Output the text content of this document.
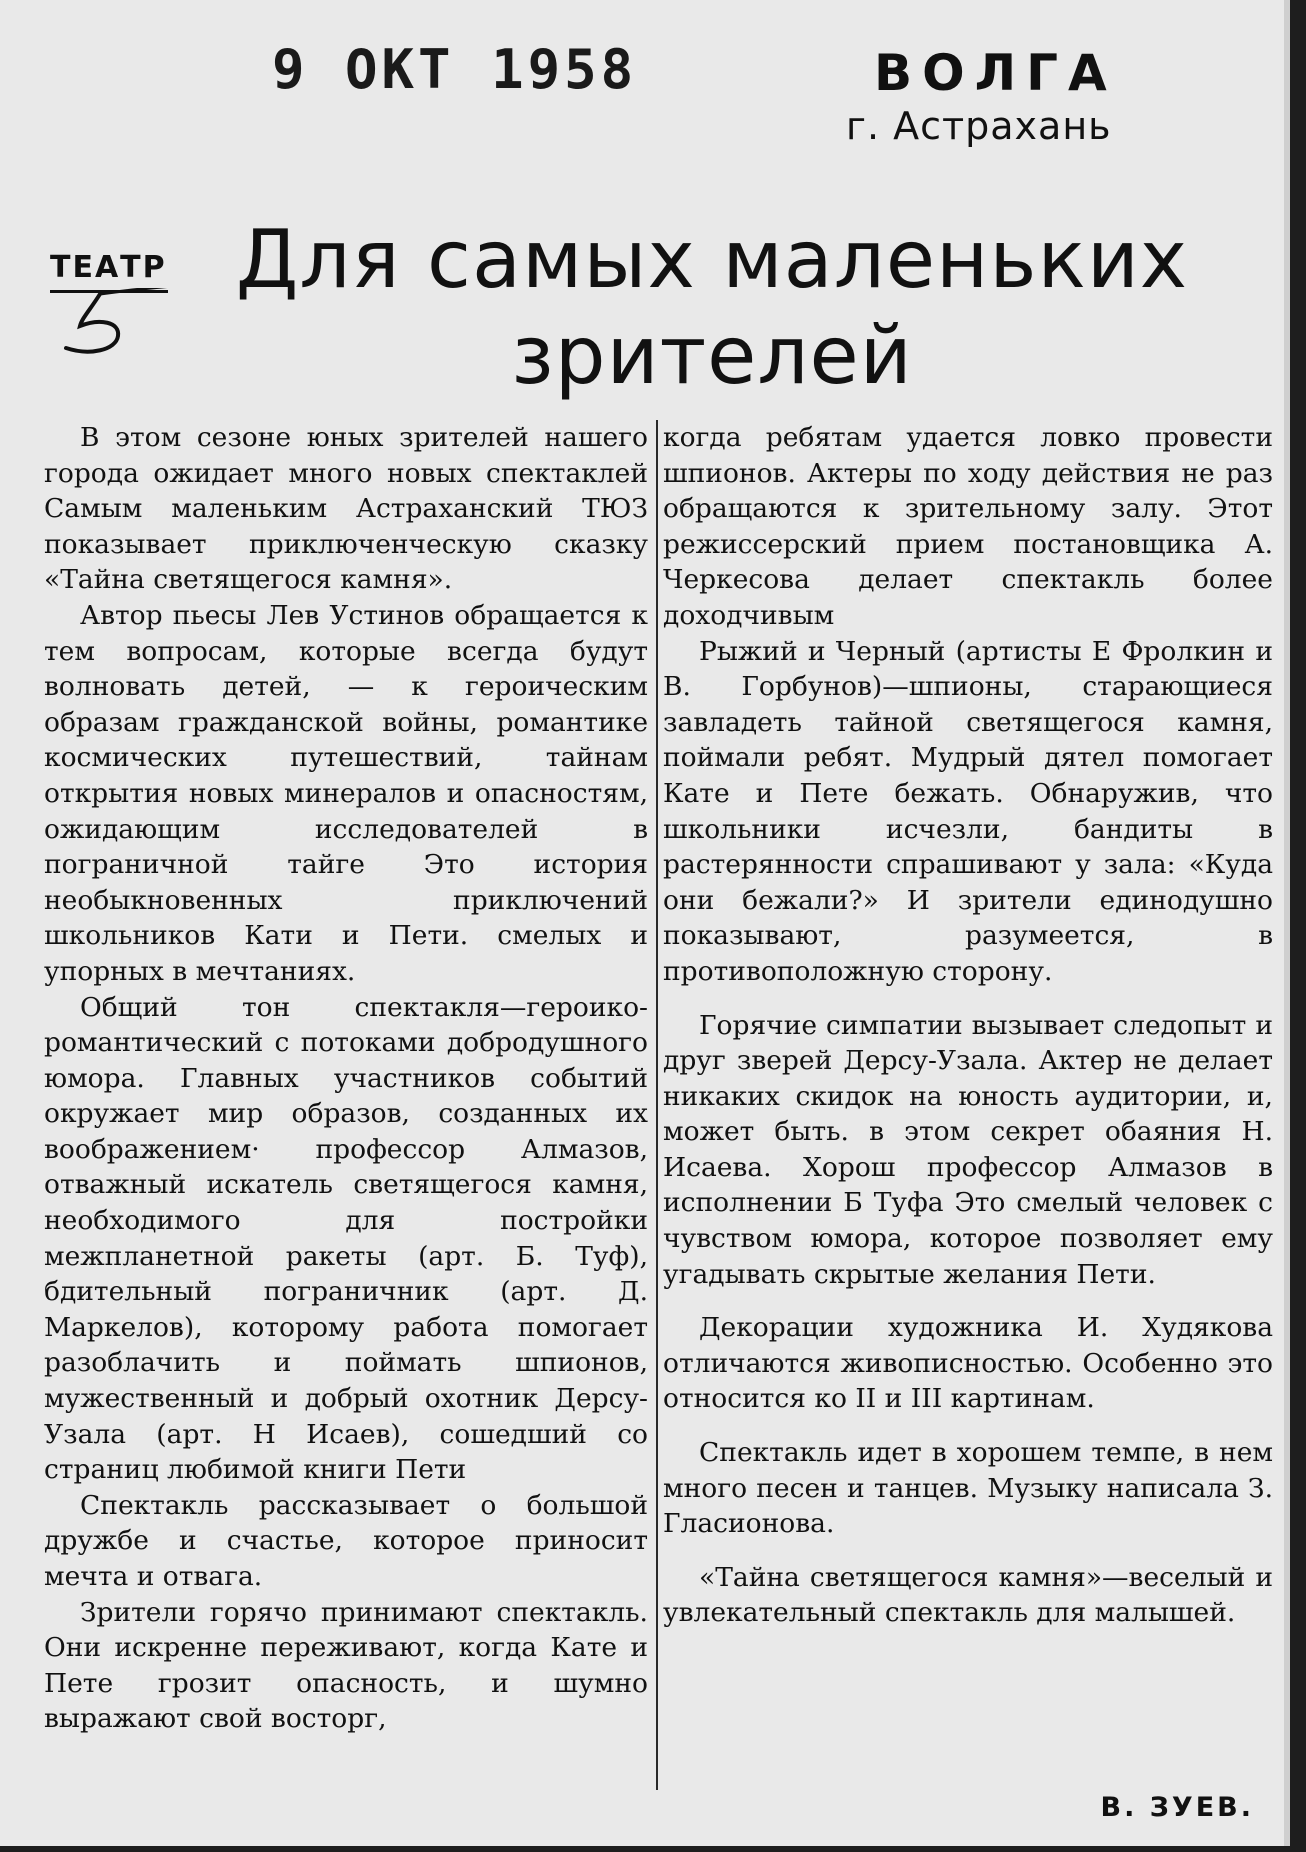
9 ОКТ 1958	ВОЛГА
г. Астрахань
ТЕАТР Для самых маленьких зрителей

В этом сезоне юных зрителей нашего города ожидает много новых спектаклей Самым маленьким Астраханский ТЮЗ показывает приключенческую сказку «Тайна светящегося камня».

Автор пьесы Лев Устинов обращается к тем вопросам, которые всегда будут волновать детей, — к героическим образам гражданской войны, романтике космических путешествий, тайнам открытия новых минералов и опасностям, ожидающим исследователей в пограничной тайге Это история необыкновенных приключений школьников Кати и Пети. смелых и упорных в мечтаниях.

Общий тон спектакля—героико-романтический с потоками добродушного юмора. Главных участников событий окружает мир образов, созданных их воображением· профессор Алмазов, отважный искатель светящегося камня, необходимого для постройки межпланетной ракеты (арт. Б. Туф), бдительный пограничник (арт. Д. Маркелов), которому работа помогает разоблачить и поймать шпионов, мужественный и добрый охотник Дерсу-Узала (арт. Н Исаев), сошедший со страниц любимой книги Пети

Спектакль рассказывает о большой дружбе и счастье, которое приносит мечта и отвага.

Зрители горячо принимают спектакль. Они искренне переживают, когда Кате и Пете грозит опасность, и шумно выражают свой восторг,

когда ребятам удается ловко провести шпионов. Актеры по ходу действия не раз обращаются к зрительному залу. Этот режиссерский прием постановщика А. Черкесова делает спектакль более доходчивым

Рыжий и Черный (артисты Е Фролкин и В. Горбунов)—шпионы, старающиеся завладеть тайной светящегося камня, поймали ребят. Мудрый дятел помогает Кате и Пете бежать. Обнаружив, что школьники исчезли, бандиты в растерянности спрашивают у зала: «Куда они бежали?» И зрители единодушно показывают, разумеется, в противоположную сторону.

Горячие симпатии вызывает следопыт и друг зверей Дерсу-Узала. Актер не делает никаких скидок на юность аудитории, и, может быть. в этом секрет обаяния Н. Исаева. Хорош профессор Алмазов в исполнении Б Туфа Это смелый человек с чувством юмора, которое позволяет ему угадывать скрытые желания Пети.

Декорации художника И. Худякова отличаются живописностью. Особенно это относится ко II и III картинам.

Спектакль идет в хорошем темпе, в нем много песен и танцев. Музыку написала З. Гласионова.

«Тайна светящегося камня»—веселый и увлекательный спектакль для малышей.

В. ЗУЕВ.
